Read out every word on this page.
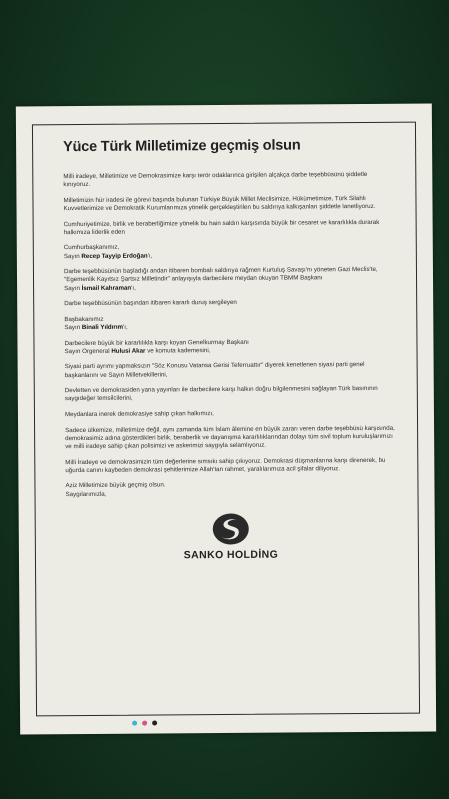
Yüce Türk Milletimize geçmiş olsun

Milli iradeye, Milletimize ve Demokrasimize karşı terör odaklarınca girişilen alçakça darbe teşebbüsünü şiddetle kınıyoruz.

Milletimizin hür iradesi ile görevi başında bulunan Türkiye Büyük Millet Meclisimize, Hükümetimize, Türk Silahlı Kuvvetlerimize ve Demokratik Kurumlarımıza yönelik gerçekleştirilen bu saldırıya kalkışanları şiddetle lanetliyoruz.

Cumhuriyetimize, birlik ve beraberliğimize yönelik bu hain saldırı karşısında büyük bir cesaret ve kararlılıkla durarak halkımıza liderlik eden

Cumhurbaşkanımız,
Sayın Recep Tayyip Erdoğan'ı,

Darbe teşebbüsünün başladığı andan itibaren bombalı saldırıya rağmen Kurtuluş Savaşı'nı yöneten Gazi Meclis'te, "Egemenlik Kayıtsız Şartsız Milletindir" anlayışıyla darbecilere meydan okuyan TBMM Başkanı
Sayın İsmail Kahraman'ı,

Darbe teşebbüsünün başından itibaren kararlı duruş sergileyen

Başbakanımız
Sayın Binali Yıldırım'ı,

Darbecilere büyük bir kararlılıkla karşı koyan Genelkurmay Başkanı
Sayın Orgeneral Hulusi Akar ve komuta kademesini,

Siyasi parti ayrımı yapmaksızın "Söz Konusu Vatansa Gerisi Teferruattır" diyerek kenetlenen siyasi parti genel başkanlarını ve Sayın Milletvekillerini,

Devletten ve demokrasiden yana yayınları ile darbecilere karşı halkın doğru bilgilenmesini sağlayan Türk basınının saygıdeğer temsilcilerini,

Meydanlara inerek demokrasiye sahip çıkan halkımızı,

Sadece ülkemize, milletimize değil, aynı zamanda tüm İslam âlemine en büyük zararı veren darbe teşebbüsü karşısında, demokrasimiz adına gösterdikleri birlik, beraberlik ve dayanışma kararlılıklarından dolayı tüm sivil toplum kuruluşlarımızı ve milli iradeye sahip çıkan polisimizi ve askerimizi saygıyla selamlıyoruz.

Milli İradeye ve demokrasimizin tüm değerlerine sımsıkı sahip çıkıyoruz. Demokrasi düşmanlarına karşı direnerek, bu uğurda canını kaybeden demokrasi şehitlerimize Allah'tan rahmet, yaralılarımıza acil şifalar diliyoruz.

Aziz Milletimize büyük geçmiş olsun.
Saygılarımızla,

SANKO HOLDİNG
